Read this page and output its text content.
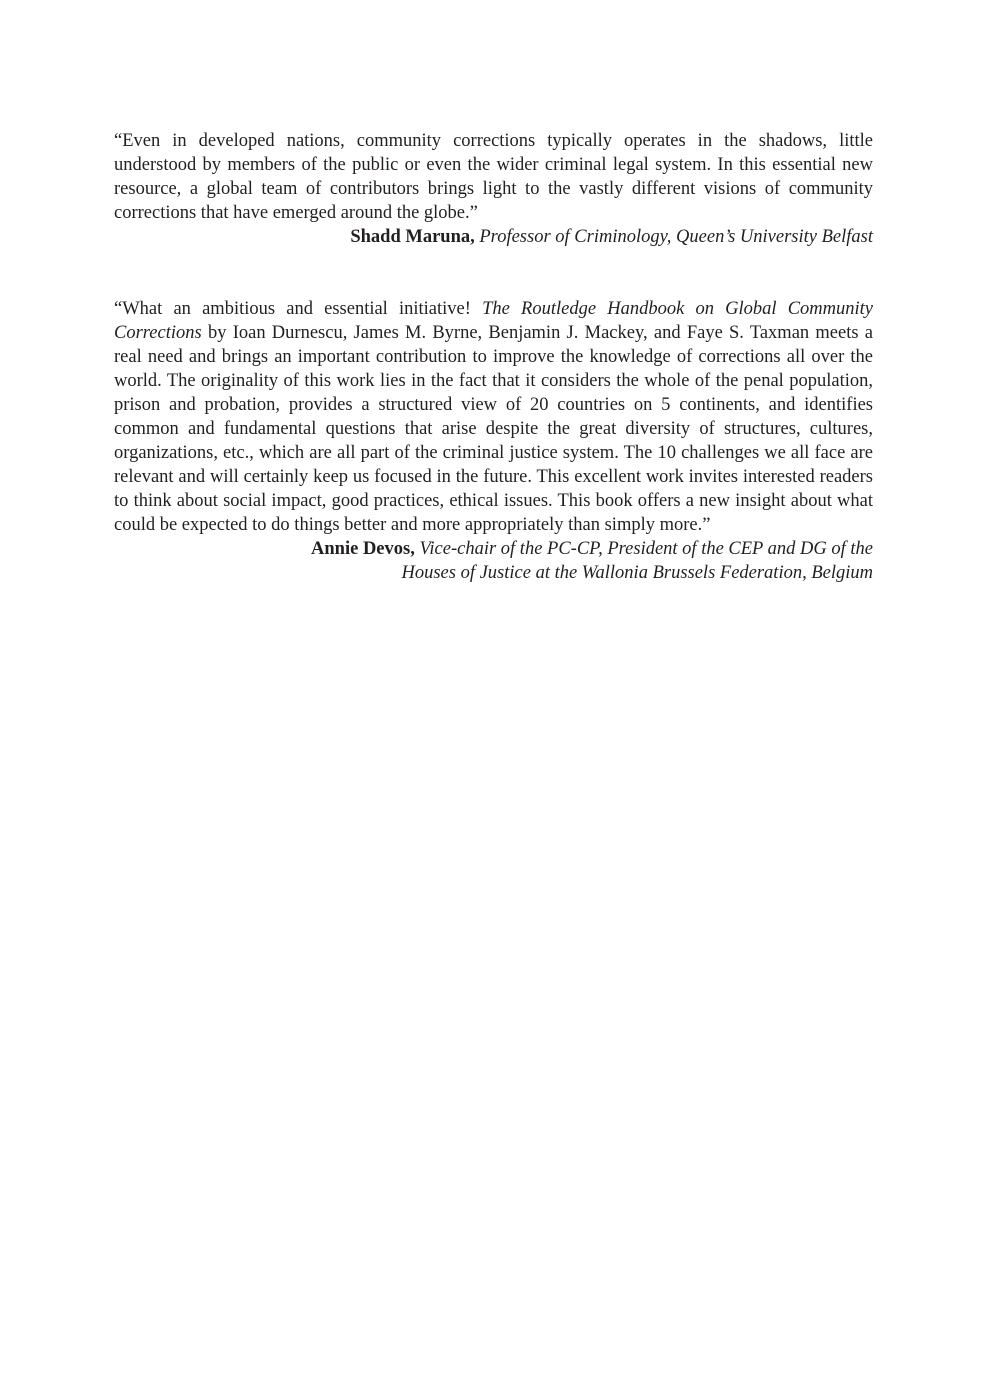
“Even in developed nations, community corrections typically operates in the shadows, little understood by members of the public or even the wider criminal legal system. In this essential new resource, a global team of contributors brings light to the vastly different visions of community corrections that have emerged around the globe.”

Shadd Maruna, Professor of Criminology, Queen’s University Belfast

“What an ambitious and essential initiative! The Routledge Handbook on Global Community Corrections by Ioan Durnescu, James M. Byrne, Benjamin J. Mackey, and Faye S. Taxman meets a real need and brings an important contribution to improve the knowledge of corrections all over the world. The originality of this work lies in the fact that it considers the whole of the penal population, prison and probation, provides a structured view of 20 countries on 5 continents, and identifies common and fundamental questions that arise despite the great diversity of structures, cultures, organizations, etc., which are all part of the criminal justice system. The 10 challenges we all face are relevant and will certainly keep us focused in the future. This excellent work invites interested readers to think about social impact, good practices, ethical issues. This book offers a new insight about what could be expected to do things better and more appropriately than simply more.”

Annie Devos, Vice-chair of the PC-CP, President of the CEP and DG of the
Houses of Justice at the Wallonia Brussels Federation, Belgium
